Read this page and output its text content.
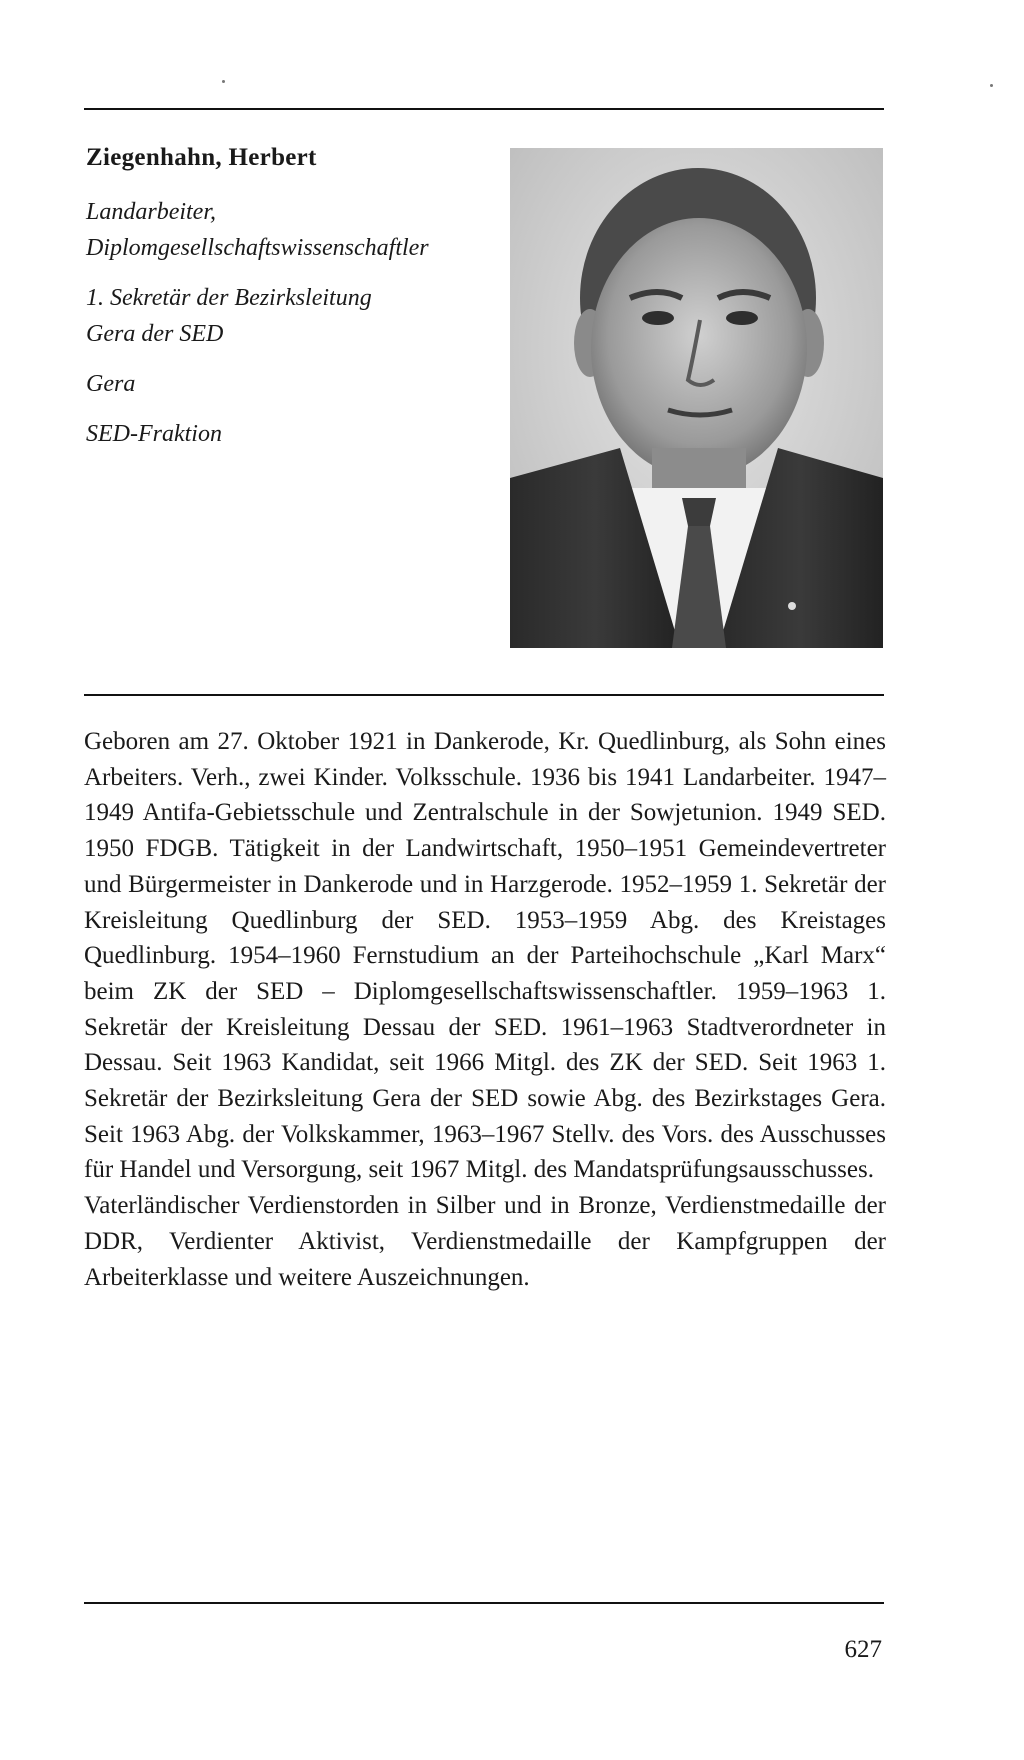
Ziegenhahn, Herbert
Landarbeiter,
Diplomgesellschaftswissenschaftler
1. Sekretär der Bezirksleitung
Gera der SED
Gera
SED-Fraktion

Geboren am 27. Oktober 1921 in Dankerode, Kr. Quedlinburg, als Sohn eines Arbeiters. Verh., zwei Kinder. Volksschule. 1936 bis 1941 Landarbeiter. 1947–1949 Antifa-Gebietsschule und Zentralschule in der Sowjetunion. 1949 SED. 1950 FDGB. Tätigkeit in der Landwirtschaft, 1950–1951 Gemeindevertreter und Bürgermeister in Dankerode und in Harzgerode. 1952–1959 1. Sekretär der Kreisleitung Quedlinburg der SED. 1953–1959 Abg. des Kreistages Quedlinburg. 1954–1960 Fernstudium an der Parteihochschule „Karl Marx“ beim ZK der SED – Diplomgesellschaftswissenschaftler. 1959–1963 1. Sekretär der Kreisleitung Dessau der SED. 1961–1963 Stadtverordneter in Dessau. Seit 1963 Kandidat, seit 1966 Mitgl. des ZK der SED. Seit 1963 1. Sekretär der Bezirksleitung Gera der SED sowie Abg. des Bezirkstages Gera. Seit 1963 Abg. der Volkskammer, 1963–1967 Stellv. des Vors. des Ausschusses für Handel und Versorgung, seit 1967 Mitgl. des Mandatsprüfungsausschusses.

Vaterländischer Verdienstorden in Silber und in Bronze, Verdienstmedaille der DDR, Verdienter Aktivist, Verdienstmedaille der Kampfgruppen der Arbeiterklasse und weitere Auszeichnungen.

627
